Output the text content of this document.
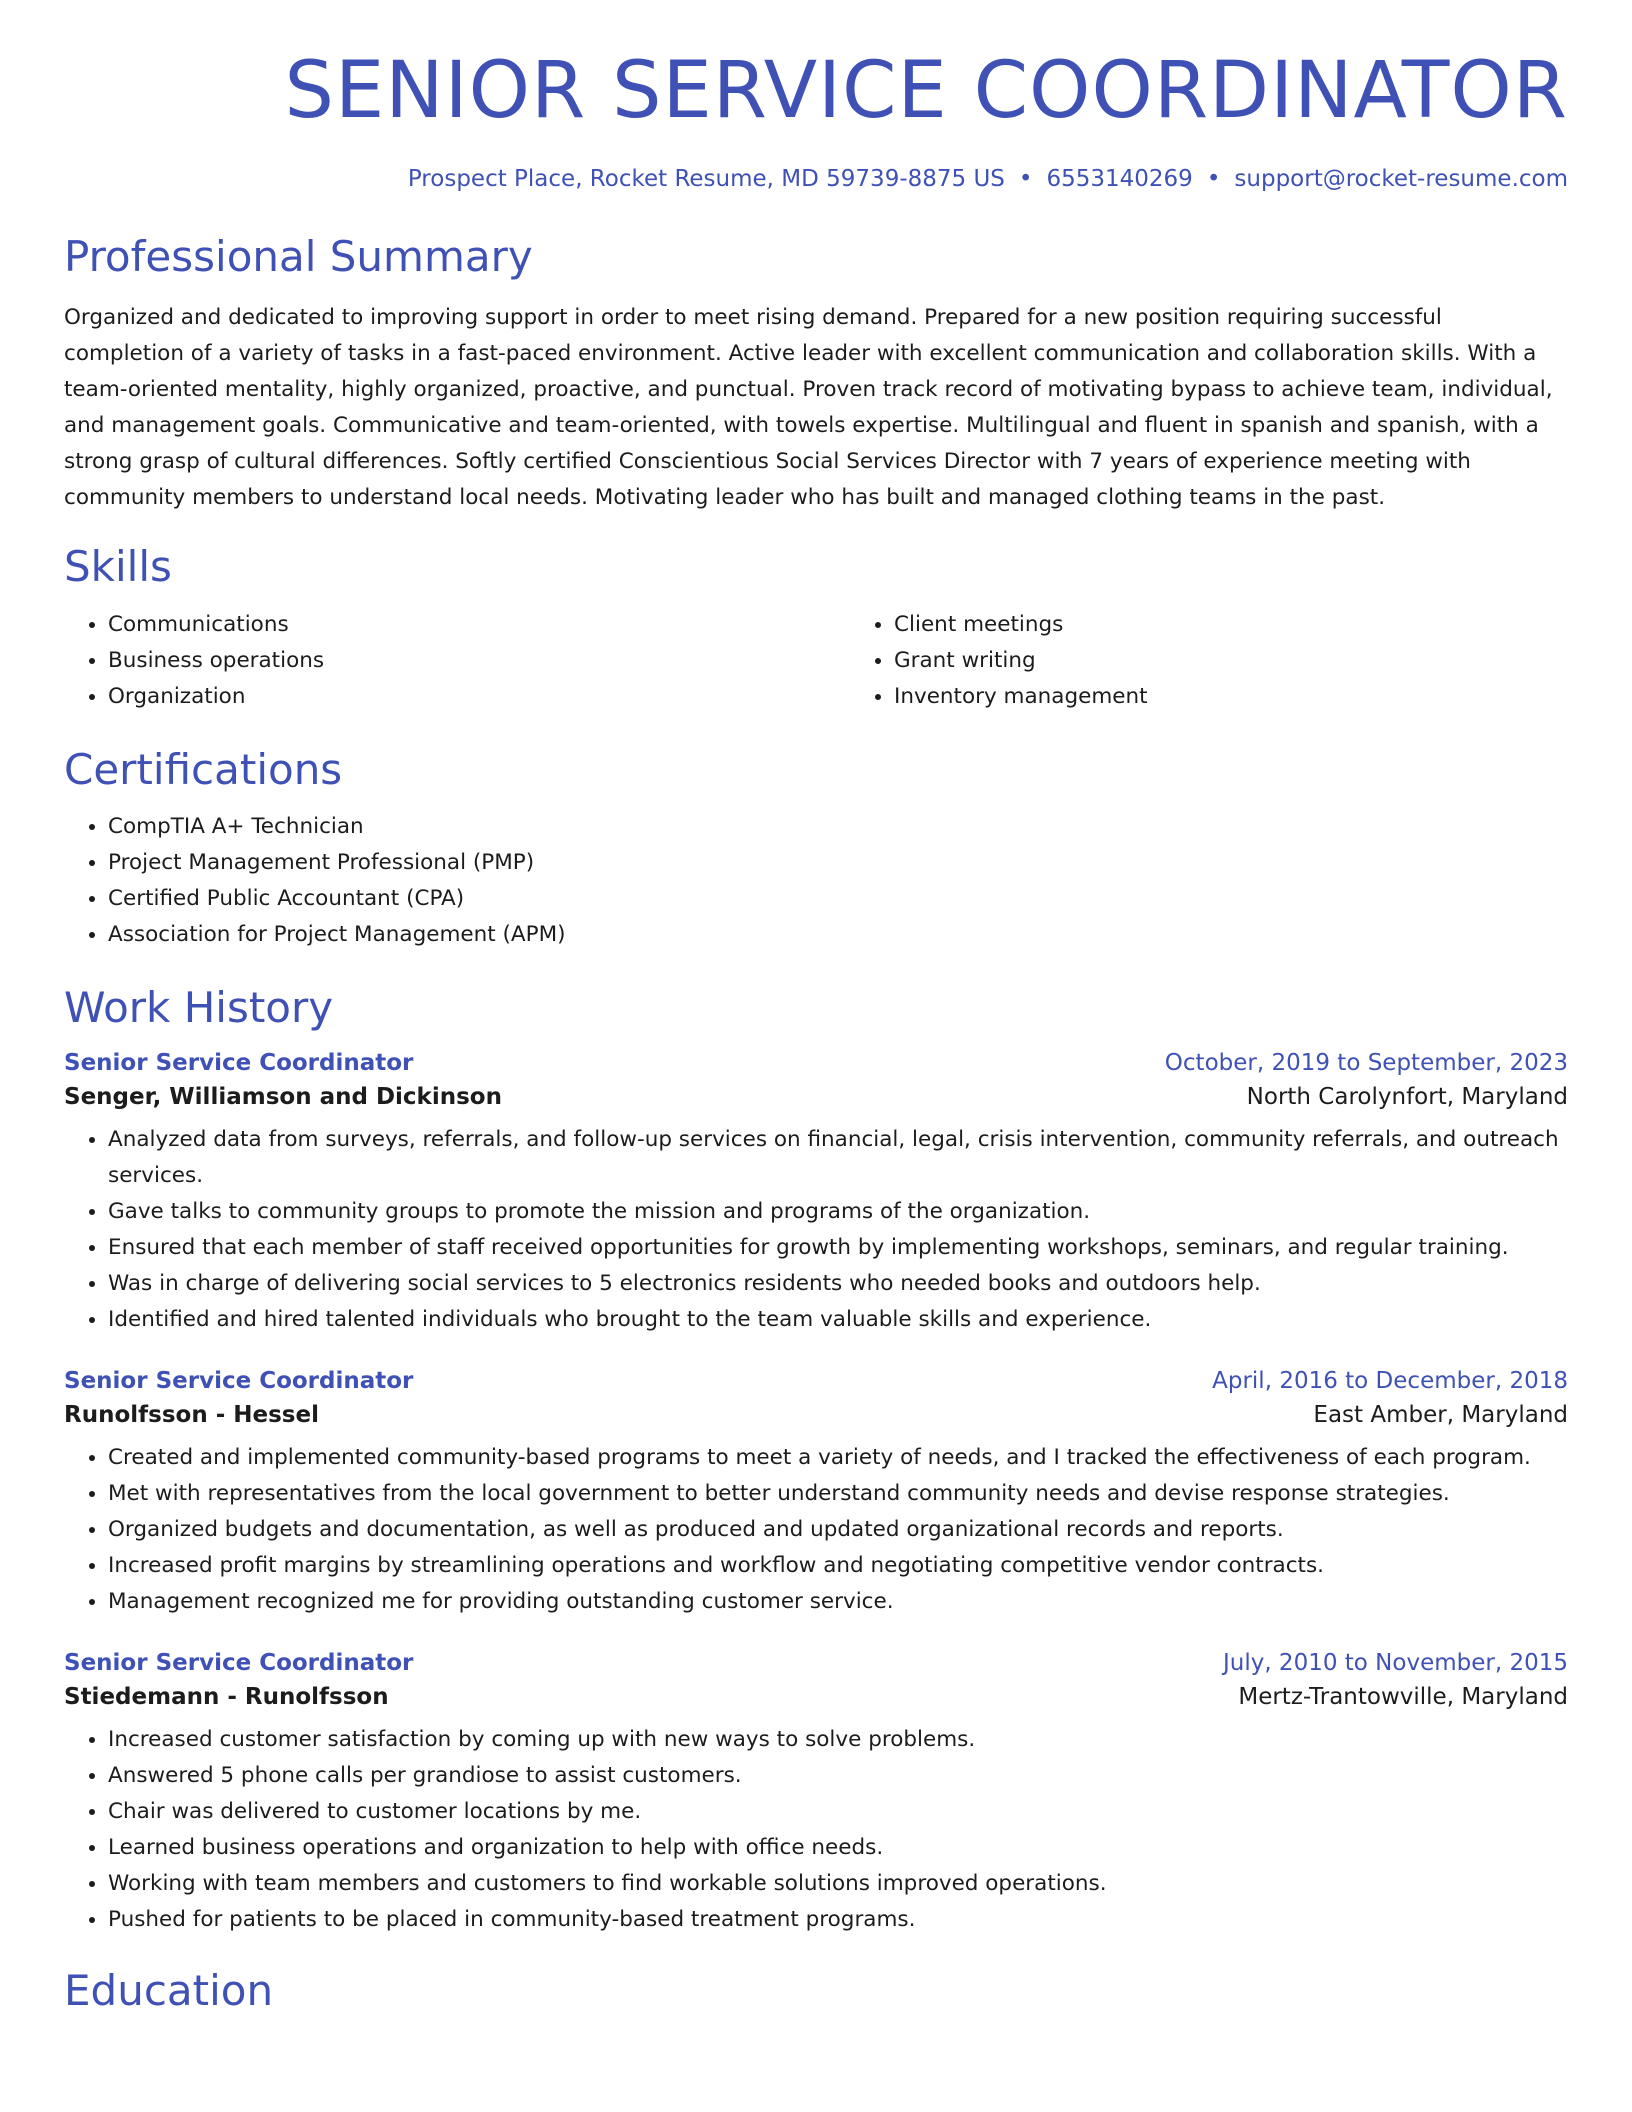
SENIOR SERVICE COORDINATOR
Prospect Place, Rocket Resume, MD 59739-8875 US • 6553140269 • support@rocket-resume.com
Professional Summary

Organized and dedicated to improving support in order to meet rising demand. Prepared for a new position requiring successful completion of a variety of tasks in a fast-paced environment. Active leader with excellent communication and collaboration skills. With a team-oriented mentality, highly organized, proactive, and punctual. Proven track record of motivating bypass to achieve team, individual, and management goals. Communicative and team-oriented, with towels expertise. Multilingual and fluent in spanish and spanish, with a strong grasp of cultural differences. Softly certified Conscientious Social Services Director with 7 years of experience meeting with community members to understand local needs. Motivating leader who has built and managed clothing teams in the past.

Skills
• Communications
• Business operations
• Organization
• Client meetings
• Grant writing
• Inventory management
Certifications
• CompTIA A+ Technician
• Project Management Professional (PMP)
• Certified Public Accountant (CPA)
• Association for Project Management (APM)
Work History
Senior Service Coordinator	October, 2019 to September, 2023
Senger, Williamson and Dickinson	North Carolynfort, Maryland
• Analyzed data from surveys, referrals, and follow-up services on financial, legal, crisis intervention, community referrals, and outreach services.
• Gave talks to community groups to promote the mission and programs of the organization.
• Ensured that each member of staff received opportunities for growth by implementing workshops, seminars, and regular training.
• Was in charge of delivering social services to 5 electronics residents who needed books and outdoors help.
• Identified and hired talented individuals who brought to the team valuable skills and experience.
Senior Service Coordinator	April, 2016 to December, 2018
Runolfsson - Hessel	East Amber, Maryland
• Created and implemented community-based programs to meet a variety of needs, and I tracked the effectiveness of each program.
• Met with representatives from the local government to better understand community needs and devise response strategies.
• Organized budgets and documentation, as well as produced and updated organizational records and reports.
• Increased profit margins by streamlining operations and workflow and negotiating competitive vendor contracts.
• Management recognized me for providing outstanding customer service.
Senior Service Coordinator	July, 2010 to November, 2015
Stiedemann - Runolfsson	Mertz-Trantowville, Maryland
• Increased customer satisfaction by coming up with new ways to solve problems.
• Answered 5 phone calls per grandiose to assist customers.
• Chair was delivered to customer locations by me.
• Learned business operations and organization to help with office needs.
• Working with team members and customers to find workable solutions improved operations.
• Pushed for patients to be placed in community-based treatment programs.
Education
